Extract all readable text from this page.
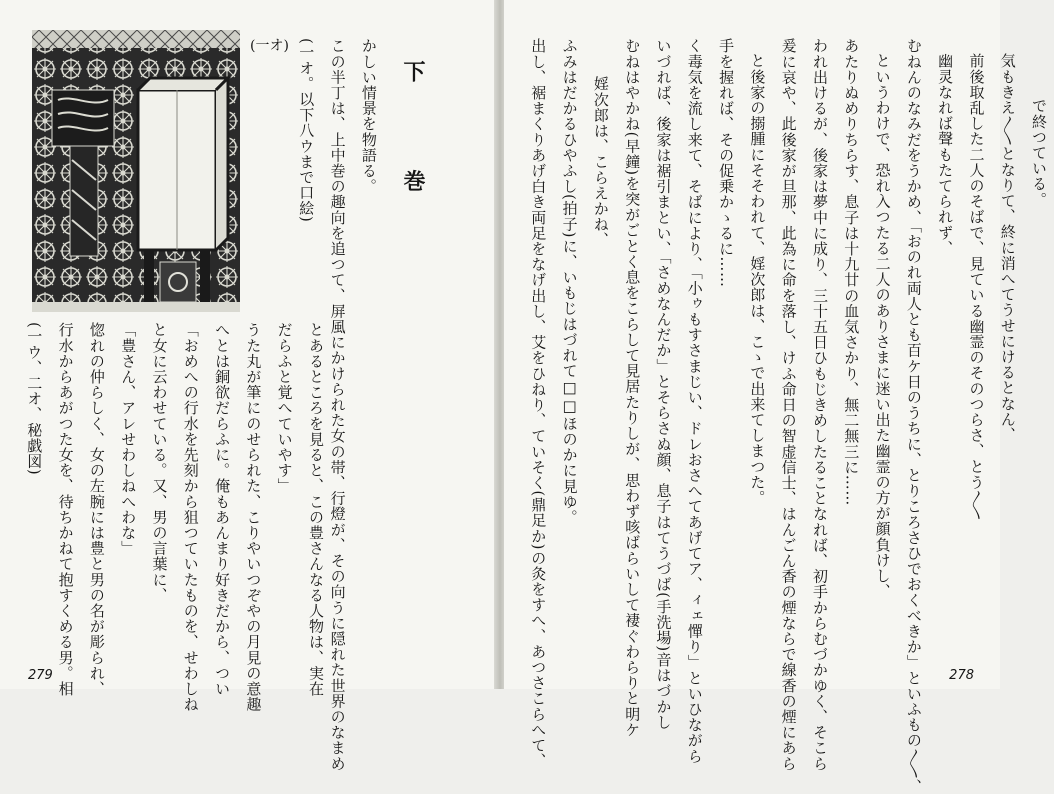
(一オ)
下 巻
かしい情景を物語る。
この半丁は、上中巻の趣向を追つて、屏風にかけられた女の帯、行燈が、その向うに隠れた世界のなまめ
(一オ。以下八ウまで口絵)
とあるところを見ると、この豊さんなる人物は、実在
だらふと覚へていやす」
うた丸が筆にのせられた、こりやいつぞやの月見の意趣
へとは銅欲だらふに。俺もあんまり好きだから、つい
「おめへの行水を先刻から狙つていたものを、せわしね
と女に云わせている。又、男の言葉に、
「豊さん、アレせわしねへわな」
惚れの仲らしく、女の左腕には豊と男の名が彫られ、
行水からあがつた女を、待ちかねて抱すくめる男。相
(一ウ、二オ、秘戯図)
279
で終つている。
気もきえ〳〵となりて、終に消へてうせにけるとなん、
前後取乱した二人のそばで、見ている幽霊のそのつらさ、とう〳〵
幽灵なれば聲もたてられず、
むねんのなみだをうかめ、「おのれ両人とも百ケ日のうちに、とりころさひでおくべきか」といふもの〳〵、
というわけで、恐れ入つたる二人のありさまに迷い出た幽霊の方が顔負けし、
あたりぬめりちらす、息子は十九廿の血気さかり、無二無三に……
われ出けるが、後家は夢中に成り、三十五日ひもじきめしたることなれば、初手からむづかゆく、そこら
爰に哀や、此後家が旦那、此為に命を落し、けふ命日の智虚信士、はんごん香の煙ならで線香の煙にあら
と後家の搦腫にそそわれて、婬次郎は、こゝで出来てしまつた。
手を握れば、その促乗かゝるに……
く毒気を流し来て、そばにより、「小ゥもすさまじい、ドレおさへてあげてア、ィェ憚り」といひながら
いづれば、後家は裾引まとい、「さめなんだか」とそらさぬ顔、息子はてうづば(手洗場)音はづかし
むねはやかね(早鐘)を突がごとく息をこらして見居たりしが、思わず咳ばらいして褄ぐわらりと明ケ
婬次郎は、こらえかね、
ふみはだかるひやふし(拍子)に、いもじはづれて□□ほのかに見ゆ。
出し、裾まくりあげ白き両足をなげ出し、艾をひねり、ていそく(鼎足か)の灸をすへ、あつさこらへて、	278
